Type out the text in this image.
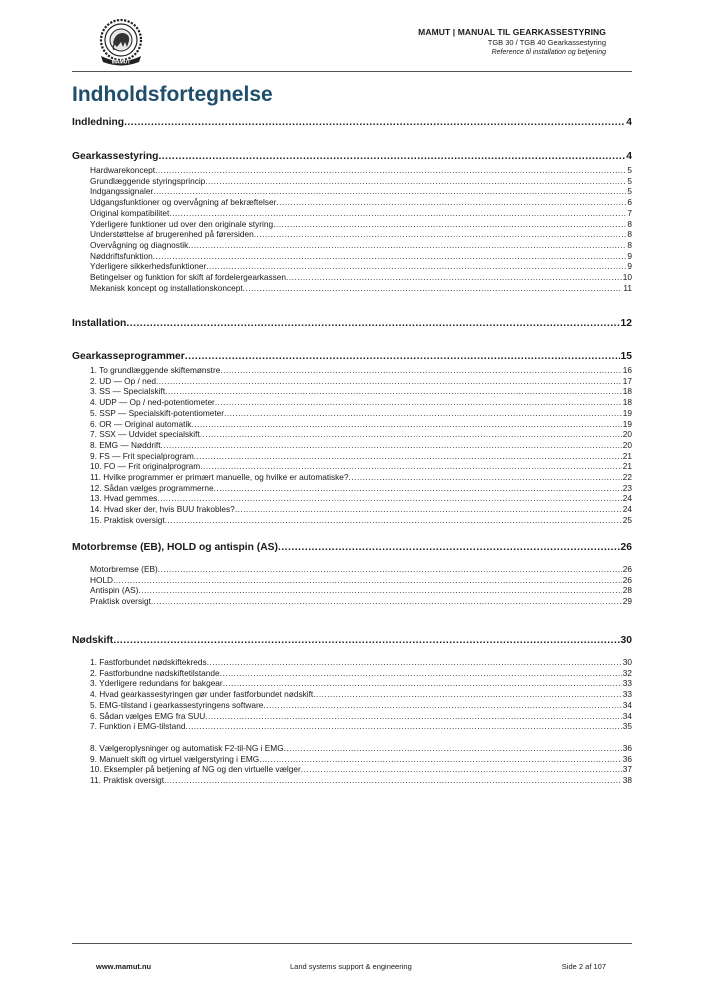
MAMUT
MAMUT | MANUAL TIL GEARKASSESTYRING
TGB 30 / TGB 40 Gearkassestyring
Reference til installation og betjening
Indholdsfortegnelse
Indledning .....	4
Gearkassestyring .....	4
Hardwarekoncept .....	5
Grundlæggende styringsprincip .....	5
Indgangssignaler .....	5
Udgangsfunktioner og overvågning af bekræftelser .....	6
Original kompatibilitet .....	7
Yderligere funktioner ud over den originale styring .....	8
Understøttelse af brugerenhed på førersiden .....	8
Overvågning og diagnostik .....	8
Nøddriftsfunktion .....	9
Yderligere sikkerhedsfunktioner .....	9
Betingelser og funktion for skift af fordelergearkassen .....	10
Mekanisk koncept og installationskoncept .....	11
Installation .....	12
Gearkasseprogrammer .....	15
1. To grundlæggende skiftemønstre .....	16
2. UD — Op / ned .....	17
3. SS — Specialskift .....	18
4. UDP — Op / ned-potentiometer .....	18
5. SSP — Specialskift-potentiometer .....	19
6. OR — Original automatik .....	19
7. SSX — Udvidet specialskift .....	20
8. EMG — Nøddrift .....	20
9. FS — Frit specialprogram .....	21
10. FO — Frit originalprogram .....	21
11. Hvilke programmer er primært manuelle, og hvilke er automatiske? .....	22
12. Sådan vælges programmerne .....	23
13. Hvad gemmes .....	24
14. Hvad sker der, hvis BUU frakobles? .....	24
15. Praktisk oversigt .....	25
Motorbremse (EB), HOLD og antispin (AS) .....	26
Motorbremse (EB) .....	26
HOLD .....	26
Antispin (AS) .....	28
Praktisk oversigt .....	29
Nødskift .....	30
1. Fastforbundet nødskiftekreds .....	30
2. Fastforbundne nødskiftetilstande .....	32
3. Yderligere redundans for bakgear .....	33
4. Hvad gearkassestyringen gør under fastforbundet nødskift .....	33
5. EMG-tilstand i gearkassestyringens software .....	34
6. Sådan vælges EMG fra SUU .....	34
7. Funktion i EMG-tilstand .....	35
8. Vælgeroplysninger og automatisk F2-til-NG i EMG .....	36
9. Manuelt skift og virtuel vælgerstyring i EMG .....	36
10. Eksempler på betjening af NG og den virtuelle vælger .....	37
11. Praktisk oversigt .....	38
www.mamut.nu	Land systems support & engineering	Side 2 af 107
